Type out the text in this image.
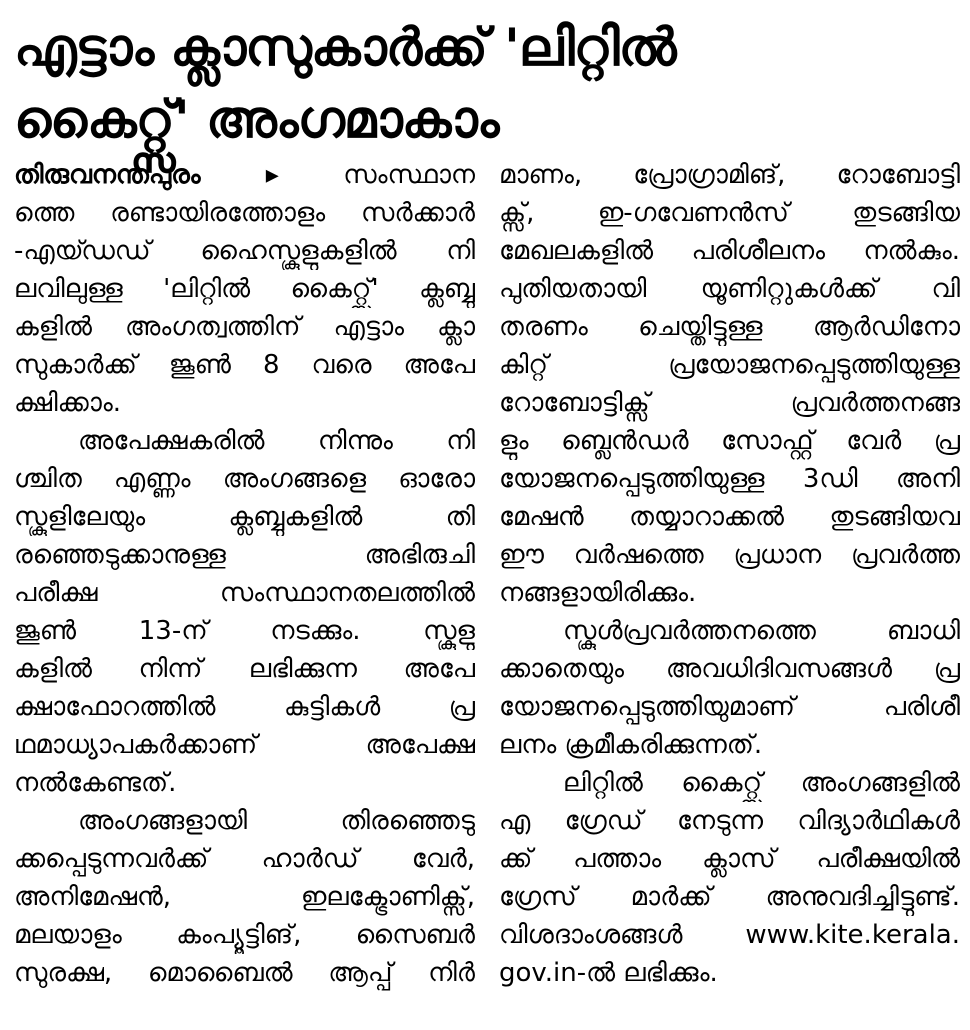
എട്ടാം ക്ലാസുകാർക്ക് 'ലിറ്റിൽ
കൈറ്റ്സ്' അംഗമാകാം
തിരുവനന്തപുരം ▸ സംസ്ഥാന
ത്തെ രണ്ടായിരത്തോളം സർക്കാർ
-എയ്ഡഡ് ഹൈസ്കൂളുകളിൽ നി
ലവിലുള്ള 'ലിറ്റിൽ കൈറ്റ്സ്' ക്ലബ്ബു
കളിൽ അംഗത്വത്തിന് എട്ടാം ക്ലാ
സുകാർക്ക് ജൂൺ 8 വരെ അപേ
ക്ഷിക്കാം.
അപേക്ഷകരിൽ നിന്നും നി
ശ്ചിത എണ്ണം അംഗങ്ങളെ ഓരോ
സ്കൂളിലേയും ക്ലബ്ബുകളിൽ തി
രഞ്ഞെടുക്കാനുള്ള അഭിരുചി
പരീക്ഷ സംസ്ഥാനതലത്തിൽ
ജൂൺ 13-ന് നടക്കും. സ്കൂളു
കളിൽ നിന്ന് ലഭിക്കുന്ന അപേ
ക്ഷാഫോറത്തിൽ കുട്ടികൾ പ്ര
ഥമാധ്യാപകർക്കാണ് അപേക്ഷ
നൽകേണ്ടത്.
അംഗങ്ങളായി തിരഞ്ഞെടു
ക്കപ്പെടുന്നവർക്ക് ഹാർഡ് വേർ,
അനിമേഷൻ, ഇലക്ട്രോണിക്സ്,
മലയാളം കംപ്യൂട്ടിങ്, സൈബർ
സുരക്ഷ, മൊബൈൽ ആപ്പ് നിർ
മാണം, പ്രോഗ്രാമിങ്, റോബോട്ടി
ക്സ്, ഇ-ഗവേണൻസ് തുടങ്ങിയ
മേഖലകളിൽ പരിശീലനം നൽകും.
പുതിയതായി യൂണിറ്റുകൾക്ക് വി
തരണം ചെയ്തിട്ടുള്ള ആർഡിനോ
കിറ്റ് പ്രയോജനപ്പെടുത്തിയുള്ള
റോബോട്ടിക്സ് പ്രവർത്തനങ്ങ
ളും ബ്ലെൻഡർ സോഫ്റ്റ് വേർ പ്ര
യോജനപ്പെടുത്തിയുള്ള 3ഡി അനി
മേഷൻ തയ്യാറാക്കൽ തുടങ്ങിയവ
ഈ വർഷത്തെ പ്രധാന പ്രവർത്ത
നങ്ങളായിരിക്കും.
സ്കൂൾപ്രവർത്തനത്തെ ബാധി
ക്കാതെയും അവധിദിവസങ്ങൾ പ്ര
യോജനപ്പെടുത്തിയുമാണ് പരിശീ
ലനം ക്രമീകരിക്കുന്നത്.
ലിറ്റിൽ കൈറ്റ്സ് അംഗങ്ങളിൽ
എ ഗ്രേഡ് നേടുന്ന വിദ്യാർഥികൾ
ക്ക് പത്താം ക്ലാസ് പരീക്ഷയിൽ
ഗ്രേസ് മാർക്ക് അനുവദിച്ചിട്ടുണ്ട്.
വിശദാംശങ്ങൾ www.kite.kerala.
gov.in-ൽ ലഭിക്കും.
